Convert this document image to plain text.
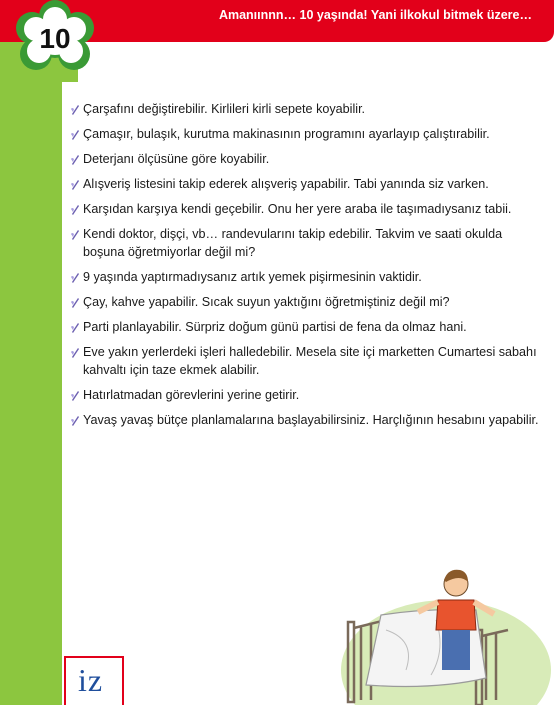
Amanıınnn… 10 yaşında! Yani ilkokul bitmek üzere…
10
Çarşafını değiştirebilir. Kirlileri kirli sepete koyabilir.
Çamaşır, bulaşık, kurutma makinasının programını ayarlayıp çalıştırabilir.
Deterjanı ölçüsüne göre koyabilir.
Alışveriş listesini takip ederek alışveriş yapabilir. Tabi yanında siz varken.
Karşıdan karşıya kendi geçebilir. Onu her yere araba ile taşımadıysanız tabii.
Kendi doktor, dişçi, vb… randevularını takip edebilir. Takvim ve saati okulda boşuna öğretmiyorlar değil mi?
9 yaşında yaptırmadıysanız artık yemek pişirmesinin vaktidir.
Çay, kahve yapabilir. Sıcak suyun yaktığını öğretmiştiniz değil mi?
Parti planlayabilir. Sürpriz doğum günü partisi de fena da olmaz hani.
Eve yakın yerlerdeki işleri halledebilir. Mesela site içi marketten Cumartesi sabahı kahvaltı için taze ekmek alabilir.
Hatırlatmadan görevlerini yerine getirir.
Yavaş yavaş bütçe planlamalarına başlayabilirsiniz. Harçlığının hesabını yapabilir.
iz
